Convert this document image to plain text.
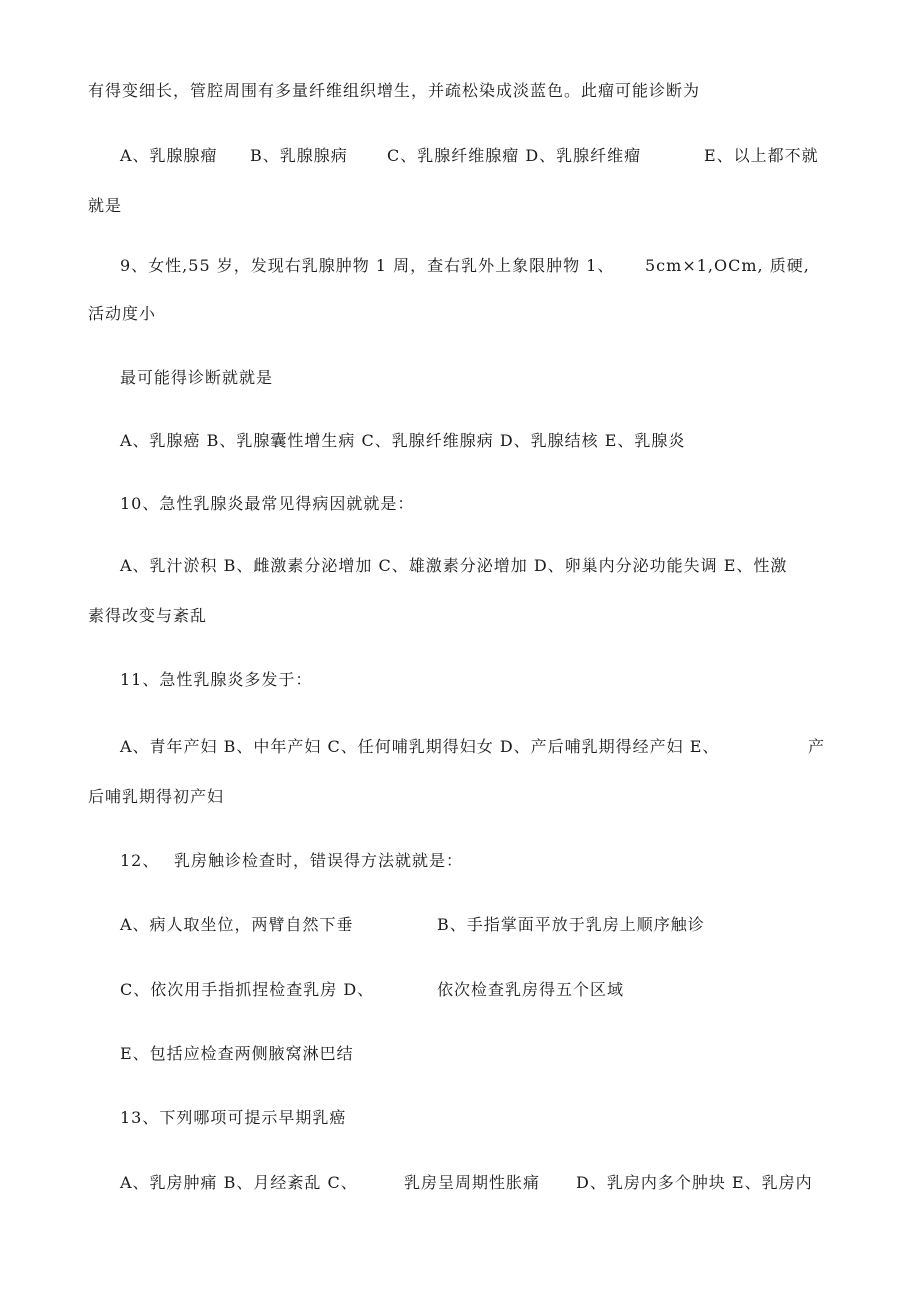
有得变细长，管腔周围有多量纤维组织增生，并疏松染成淡蓝色。此瘤可能诊断为
A、乳腺腺瘤 B、乳腺腺病 C、乳腺纤维腺瘤 D、乳腺纤维瘤	E、以上都不就
就是
9、女性,55 岁，发现右乳腺肿物 1 周，查右乳外上象限肿物 1、 5cm×1,OCm, 质硬,
活动度小
最可能得诊断就就是
A、乳腺癌 B、乳腺囊性增生病 C、乳腺纤维腺病 D、乳腺结核 E、乳腺炎
10、急性乳腺炎最常见得病因就就是：
A、乳汁淤积 B、雌激素分泌增加 C、雄激素分泌增加 D、卵巢内分泌功能失调 E、性激
素得改变与紊乱
11、急性乳腺炎多发于：
A、青年产妇 B、中年产妇 C、任何哺乳期得妇女 D、产后哺乳期得经产妇 E、	产
后哺乳期得初产妇
12、 乳房触诊检查时，错误得方法就就是：
A、病人取坐位，两臂自然下垂	B、手指掌面平放于乳房上顺序触诊
C、依次用手指抓捏检查乳房 D、	依次检查乳房得五个区域
E、包括应检查两侧腋窝淋巴结
13、下列哪项可提示早期乳癌
A、乳房肿痛 B、月经紊乱 C、	乳房呈周期性胀痛 D、乳房内多个肿块 E、乳房内
